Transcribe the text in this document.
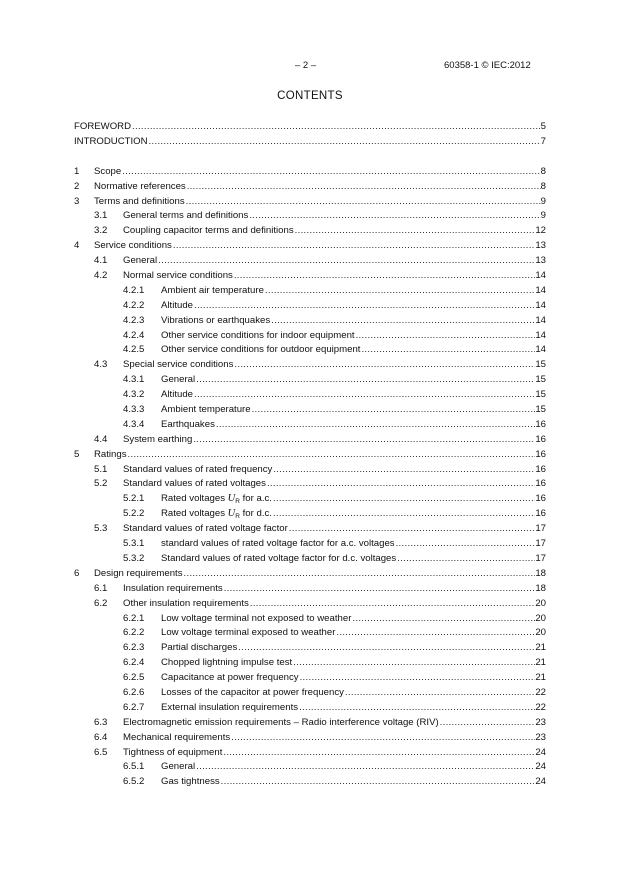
– 2 –	60358-1 © IEC:2012
CONTENTS
FOREWORD .....	5
INTRODUCTION .....	7
1 Scope .....	8
2 Normative references .....	8
3 Terms and definitions .....	9
3.1 General terms and definitions .....	9
3.2 Coupling capacitor terms and definitions .....	12
4 Service conditions .....	13
4.1 General .....	13
4.2 Normal service conditions .....	14
4.2.1 Ambient air temperature .....	14
4.2.2 Altitude .....	14
4.2.3 Vibrations or earthquakes .....	14
4.2.4 Other service conditions for indoor equipment .....	14
4.2.5 Other service conditions for outdoor equipment .....	14
4.3 Special service conditions .....	15
4.3.1 General .....	15
4.3.2 Altitude .....	15
4.3.3 Ambient temperature .....	15
4.3.4 Earthquakes .....	16
4.4 System earthing .....	16
5 Ratings .....	16
5.1 Standard values of rated frequency .....	16
5.2 Standard values of rated voltages .....	16
5.2.1 Rated voltages $U_R$ for a.c. .....	16
5.2.2 Rated voltages $U_R$ for d.c. .....	16
5.3 Standard values of rated voltage factor .....	17
5.3.1 standard values of rated voltage factor for a.c. voltages .....	17
5.3.2 Standard values of rated voltage factor for d.c. voltages .....	17
6 Design requirements .....	18
6.1 Insulation requirements .....	18
6.2 Other insulation requirements .....	20
6.2.1 Low voltage terminal not exposed to weather .....	20
6.2.2 Low voltage terminal exposed to weather .....	20
6.2.3 Partial discharges .....	21
6.2.4 Chopped lightning impulse test .....	21
6.2.5 Capacitance at power frequency .....	21
6.2.6 Losses of the capacitor at power frequency .....	22
6.2.7 External insulation requirements .....	22
6.3 Electromagnetic emission requirements – Radio interference voltage (RIV) .....	23
6.4 Mechanical requirements .....	23
6.5 Tightness of equipment .....	24
6.5.1 General .....	24
6.5.2 Gas tightness .....	24
